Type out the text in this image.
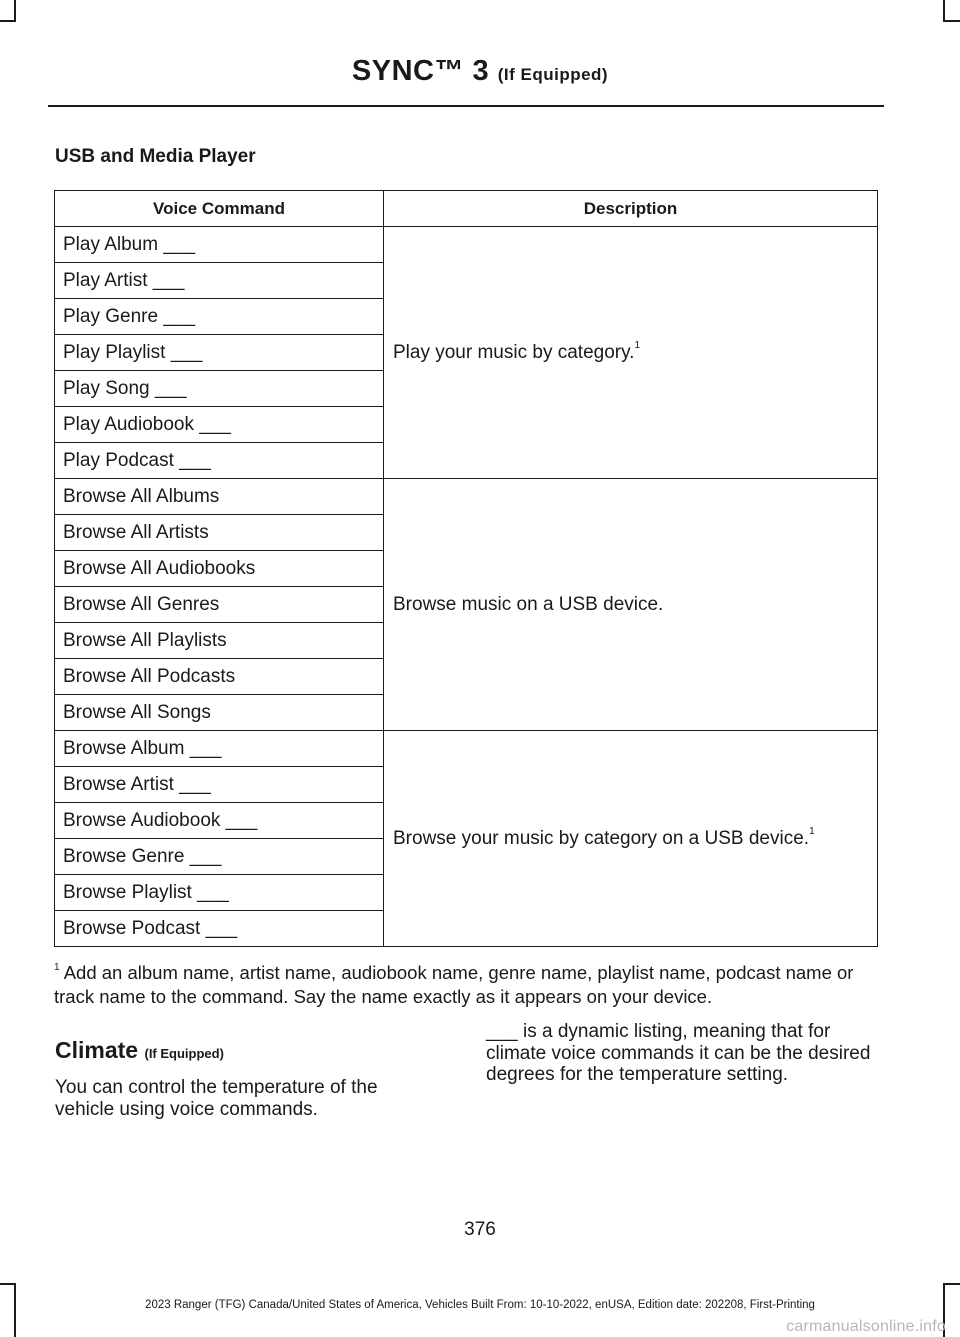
SYNC™ 3 (If Equipped)
USB and Media Player
Voice Command	Description
Play Album ___	Play your music by category.$^1$
Play Artist ___	
Play Genre ___	
Play Playlist ___	
Play Song ___	
Play Audiobook ___	
Play Podcast ___	
Browse All Albums	Browse music on a USB device.
Browse All Artists	
Browse All Audiobooks	
Browse All Genres	
Browse All Playlists	
Browse All Podcasts	
Browse All Songs	
Browse Album ___	Browse your music by category on a USB device.$^1$
Browse Artist ___	
Browse Audiobook ___	
Browse Genre ___	
Browse Playlist ___	
Browse Podcast ___	
$^1$ Add an album name, artist name, audiobook name, genre name, playlist name, podcast name or track name to the command. Say the name exactly as it appears on your device.
Climate (If Equipped)
You can control the temperature of the vehicle using voice commands.
___ is a dynamic listing, meaning that for climate voice commands it can be the desired degrees for the temperature setting.
376
2023 Ranger (TFG) Canada/United States of America, Vehicles Built From: 10-10-2022, enUSA, Edition date: 202208, First-Printing
carmanualsonline.info
